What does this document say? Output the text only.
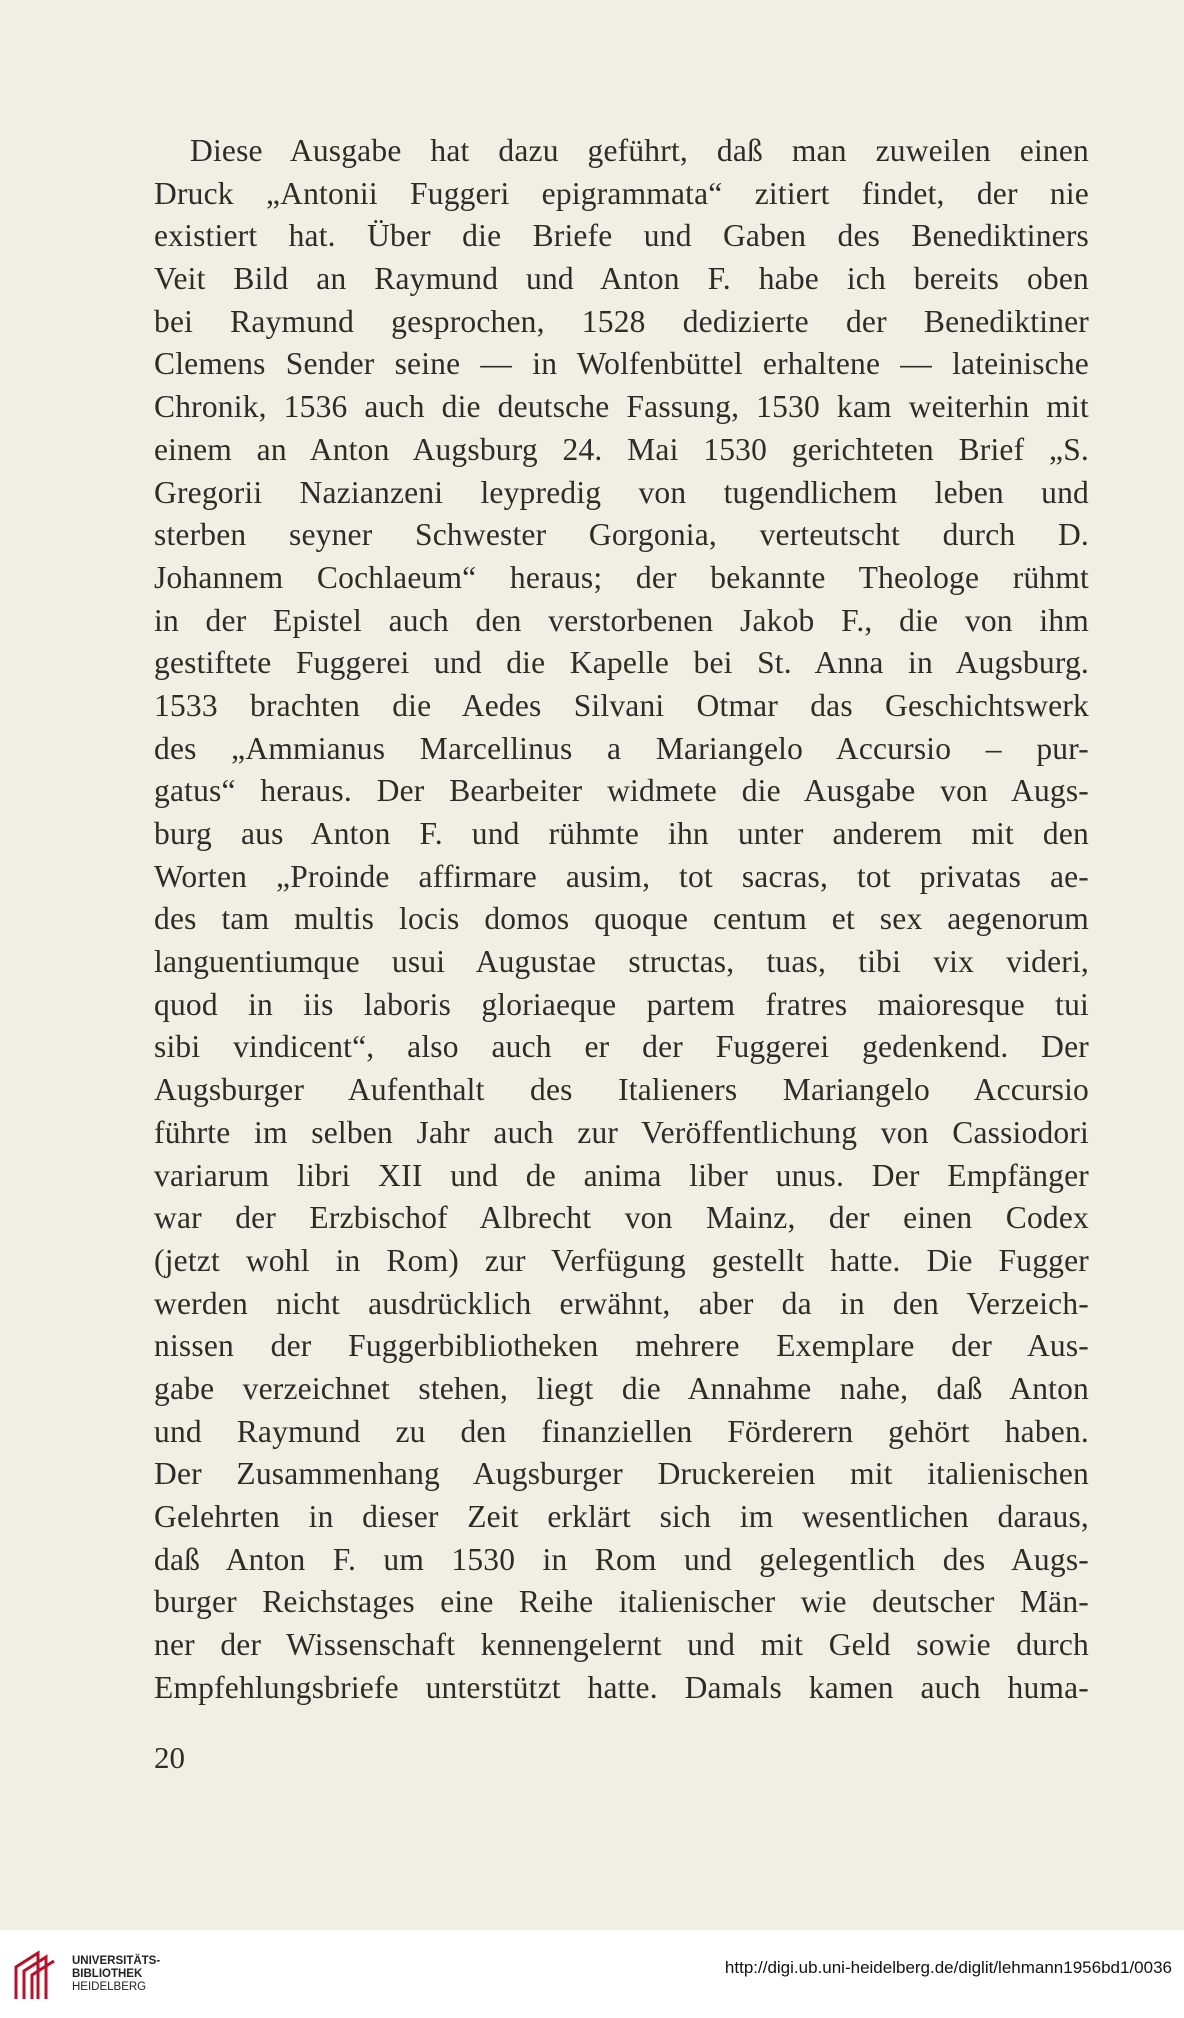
Diese Ausgabe hat dazu geführt, daß man zuweilen einen
Druck „Antonii Fuggeri epigrammata“ zitiert findet, der nie
existiert hat. Über die Briefe und Gaben des Benediktiners
Veit Bild an Raymund und Anton F. habe ich bereits oben
bei Raymund gesprochen, 1528 dedizierte der Benediktiner
Clemens Sender seine — in Wolfenbüttel erhaltene — lateinische
Chronik, 1536 auch die deutsche Fassung, 1530 kam weiterhin mit
einem an Anton Augsburg 24. Mai 1530 gerichteten Brief „S.
Gregorii Nazianzeni leypredig von tugendlichem leben und
sterben seyner Schwester Gorgonia, verteutscht durch D.
Johannem Cochlaeum“ heraus; der bekannte Theologe rühmt
in der Epistel auch den verstorbenen Jakob F., die von ihm
gestiftete Fuggerei und die Kapelle bei St. Anna in Augsburg.
1533 brachten die Aedes Silvani Otmar das Geschichtswerk
des „Ammianus Marcellinus a Mariangelo Accursio – pur-
gatus“ heraus. Der Bearbeiter widmete die Ausgabe von Augs-
burg aus Anton F. und rühmte ihn unter anderem mit den
Worten „Proinde affirmare ausim, tot sacras, tot privatas ae-
des tam multis locis domos quoque centum et sex aegenorum
languentiumque usui Augustae structas, tuas, tibi vix videri,
quod in iis laboris gloriaeque partem fratres maioresque tui
sibi vindicent“, also auch er der Fuggerei gedenkend. Der
Augsburger Aufenthalt des Italieners Mariangelo Accursio
führte im selben Jahr auch zur Veröffentlichung von Cassiodori
variarum libri XII und de anima liber unus. Der Empfänger
war der Erzbischof Albrecht von Mainz, der einen Codex
(jetzt wohl in Rom) zur Verfügung gestellt hatte. Die Fugger
werden nicht ausdrücklich erwähnt, aber da in den Verzeich-
nissen der Fuggerbibliotheken mehrere Exemplare der Aus-
gabe verzeichnet stehen, liegt die Annahme nahe, daß Anton
und Raymund zu den finanziellen Förderern gehört haben.
Der Zusammenhang Augsburger Druckereien mit italienischen
Gelehrten in dieser Zeit erklärt sich im wesentlichen daraus,
daß Anton F. um 1530 in Rom und gelegentlich des Augs-
burger Reichstages eine Reihe italienischer wie deutscher Män-
ner der Wissenschaft kennengelernt und mit Geld sowie durch
Empfehlungsbriefe unterstützt hatte. Damals kamen auch huma-
20
UNIVERSITÄTS-
BIBLIOTHEK
HEIDELBERG
http://digi.ub.uni-heidelberg.de/diglit/lehmann1956bd1/0036
